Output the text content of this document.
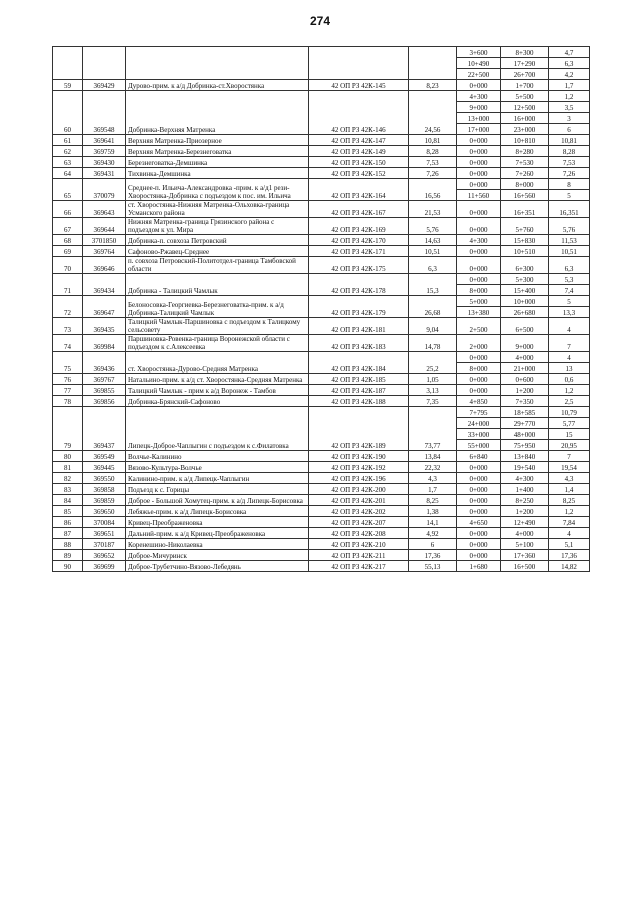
274
					3+600	8+300	4,7
					10+490	17+290	6,3
					22+500	26+700	4,2
59	369429	Дурово-прим. к а/д Добринка-ст.Хворостянка	42 ОП РЗ 42К-145	8,23	0+000	1+700	1,7
60	369548	Добринка-Верхняя Матренка	42 ОП РЗ 42К-146	24,56	4+300	5+500	1,2
					9+000	12+500	3,5
					13+000	16+000	3
					17+000	23+000	6
61	369641	Верхняя Матренка-Приозерное	42 ОП РЗ 42К-147	10,81	0+000	10+810	10,81
62	369759	Верхняя Матренка-Березнеговатка	42 ОП РЗ 42К-149	8,28	0+000	8+280	8,28
63	369430	Березнеговатка-Демшинка	42 ОП РЗ 42К-150	7,53	0+000	7+530	7,53
64	369431	Тихвинка-Демшинка	42 ОП РЗ 42К-152	7,26	0+000	7+260	7,26
65	370079	Среднее-п. Ильича-Александровка -прим. к а/д1 рези-Хворостянка-Добринка с подъездом к пос. им. Ильича	42 ОП РЗ 42К-164	16,56	0+000	8+000	8
					11+560	16+560	5
66	369643	ст. Хворостянка-Нижняя Матренка-Ольховка-граница Усманского района	42 ОП РЗ 42К-167	21,53	0+000	16+351	16,351
67	369644	Нижняя Матренка-граница Грязинского района с подъездом к ул. Мира	42 ОП РЗ 42К-169	5,76	0+000	5+760	5,76
68	3701850	Добринка-п. совхоза Петровский	42 ОП РЗ 42К-170	14,63	4+300	15+830	11,53
69	369764	Сафоново-Ржавец-Среднее	42 ОП РЗ 42К-171	10,51	0+000	10+510	10,51
70	369646	п. совхоза Петровский-Политотдел-граница Тамбовской области	42 ОП РЗ 42К-175	6,3	0+000	6+300	6,3
71	369434	Добринка - Талицкий Чамлык	42 ОП РЗ 42К-178	15,3	0+000	5+300	5,3
					8+000	15+400	7,4
72	369647	Белоносовка-Георгиевка-Березнеговатка-прим. к а/д Добринка-Талицкий Чамлык	42 ОП РЗ 42К-179	26,68	5+000	10+000	5
					13+380	26+680	13,3
73	369435	Талицкий Чамлык-Паршиновка с подъездом к Талицкому сельсовету	42 ОП РЗ 42К-181	9,04	2+500	6+500	4
74	369984	Паршиновка-Ровенка-граница Воронежской области с подъездом к с.Алексеевка	42 ОП РЗ 42К-183	14,78	2+000	9+000	7
75	369436	ст. Хворостянка-Дурово-Средняя Матренка	42 ОП РЗ 42К-184	25,2	0+000	4+000	4
					8+000	21+000	13
76	369767	Натальино-прим. к а/д ст. Хворостянка-Средняя Матренка	42 ОП РЗ 42К-185	1,05	0+000	0+600	0,6
77	369855	Талицкий Чамлык - прим к а/д Воронеж - Тамбов	42 ОП РЗ 42К-187	3,13	0+000	1+200	1,2
78	369856	Добринка-Брянский-Сафоново	42 ОП РЗ 42К-188	7,35	4+850	7+350	2,5
79	369437	Липецк-Доброе-Чаплыгин с подъездом к с.Филатовка	42 ОП РЗ 42К-189	73,77	7+795	18+585	10,79
					24+000	29+770	5,77
					33+000	48+000	15
					55+000	75+950	20,95
80	369549	Волчье-Калинино	42 ОП РЗ 42К-190	13,84	6+840	13+840	7
81	369445	Вязово-Культура-Волчье	42 ОП РЗ 42К-192	22,32	0+000	19+540	19,54
82	369550	Калинино-прим. к а/д Липецк-Чаплыгин	42 ОП РЗ 42К-196	4,3	0+000	4+300	4,3
83	369858	Подъезд к с. Горицы	42 ОП РЗ 42К-200	1,7	0+000	1+400	1,4
84	369859	Доброе - Большой Хомутец-прим. к а/д Липецк-Борисовка	42 ОП РЗ 42К-201	8,25	0+000	8+250	8,25
85	369650	Лебяжье-прим. к а/д Липецк-Борисовка	42 ОП РЗ 42К-202	1,38	0+000	1+200	1,2
86	370084	Кривец-Преображеновка	42 ОП РЗ 42К-207	14,1	4+650	12+490	7,84
87	369651	Дальний-прим. к а/д Кривец-Преображеновка	42 ОП РЗ 42К-208	4,92	0+000	4+000	4
88	370187	Коренешино-Николаевка	42 ОП РЗ 42К-210	6	0+000	5+100	5,1
89	369652	Доброе-Мичуринск	42 ОП РЗ 42К-211	17,36	0+000	17+360	17,36
90	369699	Доброе-Трубетчино-Вязово-Лебедянь	42 ОП РЗ 42К-217	55,13	1+680	16+500	14,82
